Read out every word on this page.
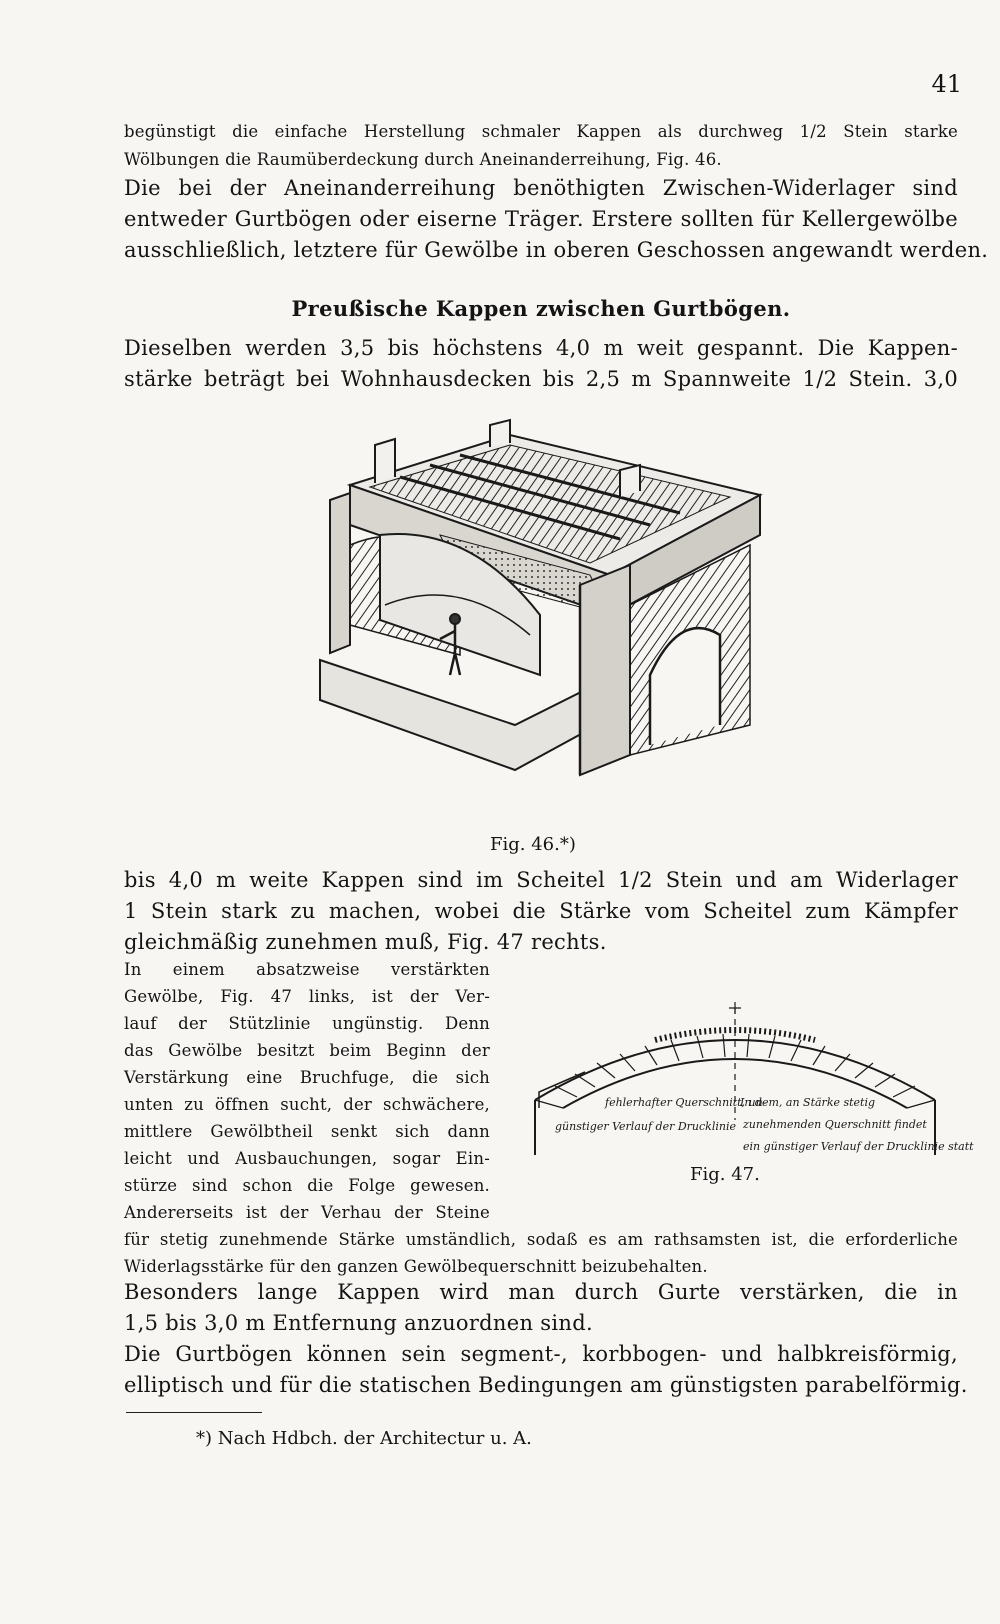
41

begünstigt die einfache Herstellung schmaler Kappen als durchweg 1/2 Stein starke

Wölbungen die Raumüberdeckung durch Aneinanderreihung, Fig. 46.

Die bei der Aneinanderreihung benöthigten Zwischen-Widerlager sind

entweder Gurtbögen oder eiserne Träger. Erstere sollten für Kellergewölbe

ausschließlich, letztere für Gewölbe in oberen Geschossen angewandt werden.

Preußische Kappen zwischen Gurtbögen.

Dieselben werden 3,5 bis höchstens 4,0 m weit gespannt. Die Kappen-

stärke beträgt bei Wohnhausdecken bis 2,5 m Spannweite 1/2 Stein. 3,0

Fig. 46.*)

bis 4,0 m weite Kappen sind im Scheitel 1/2 Stein und am Widerlager

1 Stein stark zu machen, wobei die Stärke vom Scheitel zum Kämpfer

gleichmäßig zunehmen muß, Fig. 47 rechts.

In einem absatzweise verstärkten

Gewölbe, Fig. 47 links, ist der Ver-

lauf der Stützlinie ungünstig. Denn

das Gewölbe besitzt beim Beginn der

Verstärkung eine Bruchfuge, die sich

unten zu öffnen sucht, der schwächere,

mittlere Gewölbtheil senkt sich dann

leicht und Ausbauchungen, sogar Ein-

stürze sind schon die Folge gewesen.

Andererseits ist der Verhau der Steine

für stetig zunehmende Stärke umständlich, sodaß es am rathsamsten ist, die erforderliche

Widerlagsstärke für den ganzen Gewölbequerschnitt beizubehalten.

fehlerhafter Querschnitt, un-
günstiger Verlauf der Drucklinie
In dem, an Stärke stetig
zunehmenden Querschnitt findet
ein günstiger Verlauf der Drucklinie statt
Fig. 47.

Besonders lange Kappen wird man durch Gurte verstärken, die in

1,5 bis 3,0 m Entfernung anzuordnen sind.

Die Gurtbögen können sein segment-, korbbogen- und halbkreisförmig,

elliptisch und für die statischen Bedingungen am günstigsten parabelförmig.

*) Nach Hdbch. der Architectur u. A.
